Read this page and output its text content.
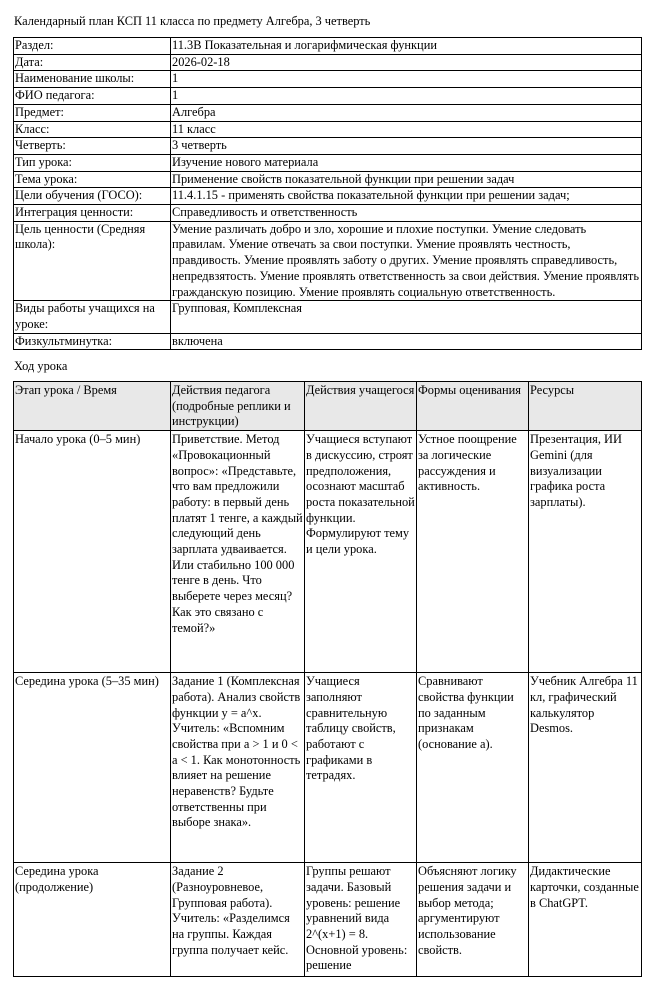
Календарный план КСП 11 класса по предмету Алгебра, 3 четверть
Раздел:	11.3В Показательная и логарифмическая функции
Дата:	2026-02-18
Наименование школы:	1
ФИО педагога:	1
Предмет:	Алгебра
Класс:	11 класс
Четверть:	3 четверть
Тип урока:	Изучение нового материала
Тема урока:	Применение свойств показательной функции при решении задач
Цели обучения (ГОСО):	11.4.1.15 - применять свойства показательной функции при решении задач;
Интеграция ценности:	Справедливость и ответственность
Цель ценности (Средняя школа):	Умение различать добро и зло, хорошие и плохие поступки. Умение следовать правилам. Умение отвечать за свои поступки. Умение проявлять честность, правдивость. Умение проявлять заботу о других. Умение проявлять справедливость, непредвзятость. Умение проявлять ответственность за свои действия. Умение проявлять гражданскую позицию. Умение проявлять социальную ответственность.
Виды работы учащихся на уроке:	Групповая, Комплексная
Физкультминутка:	включена
Ход урока
Этап урока / Время	Действия педагога (подробные реплики и инструкции)	Действия учащегося	Формы оценивания	Ресурсы
Начало урока (0–5 мин)	Приветствие. Метод «Провокационный вопрос»: «Представьте, что вам предложили работу: в первый день платят 1 тенге, а каждый следующий день зарплата удваивается. Или стабильно 100 000 тенге в день. Что выберете через месяц? Как это связано с темой?»	Учащиеся вступают в дискуссию, строят предположения, осознают масштаб роста показательной функции. Формулируют тему и цели урока.	Устное поощрение за логические рассуждения и активность.	Презентация, ИИ Gemini (для визуализации графика роста зарплаты).
Середина урока (5–35 мин)	Задание 1 (Комплексная работа). Анализ свойств функции y = a^x. Учитель: «Вспомним свойства при a > 1 и 0 < a < 1. Как монотонность влияет на решение неравенств? Будьте ответственны при выборе знака».	Учащиеся заполняют сравнительную таблицу свойств, работают с графиками в тетрадях.	Сравнивают свойства функции по заданным признакам (основание a).	Учебник Алгебра 11 кл, графический калькулятор Desmos.

Середина урока (продолжение)	Задание 2 (Разноуровневое, Групповая работа). Учитель: «Разделимся на группы. Каждая группа получает кейс.	Группы решают задачи. Базовый уровень: решение уравнений вида 2^(x+1) = 8. Основной уровень: решение	Объясняют логику решения задачи и выбор метода; аргументируют использование свойств.	Дидактические карточки, созданные в ChatGPT.
